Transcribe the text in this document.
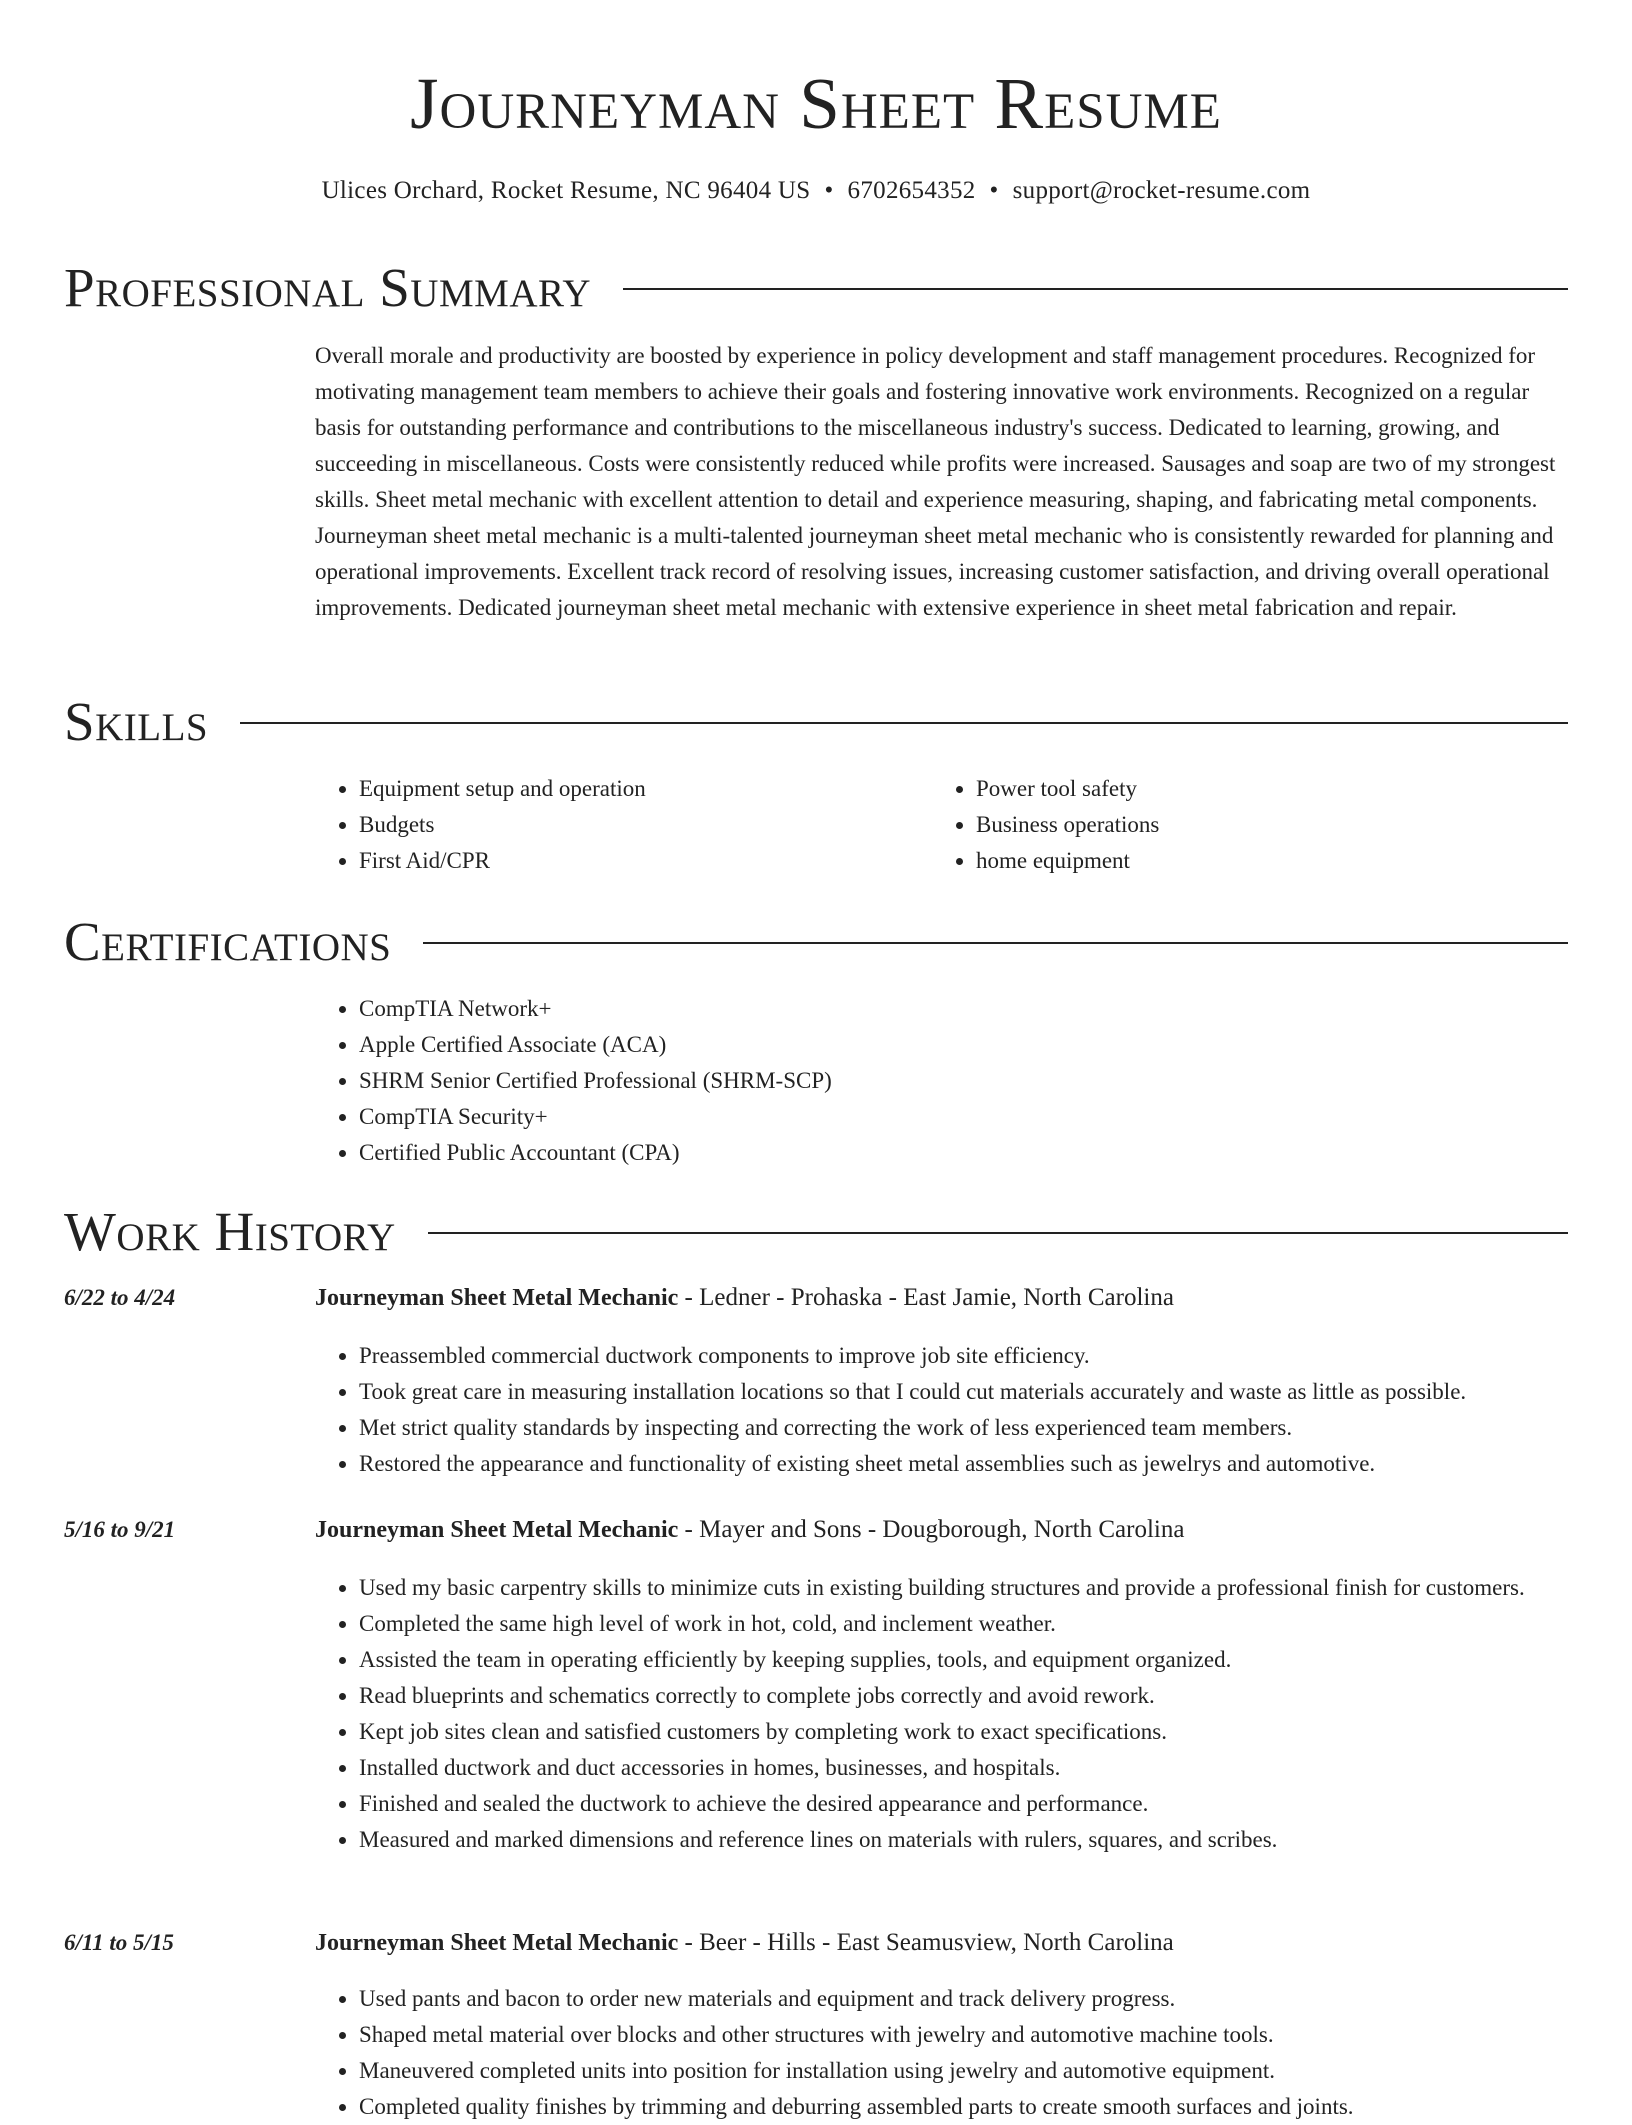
Journeyman Sheet Resume
Ulices Orchard, Rocket Resume, NC 96404 US • 6702654352 • support@rocket-resume.com
Professional Summary
Overall morale and productivity are boosted by experience in policy development and staff management procedures. Recognized for motivating management team members to achieve their goals and fostering innovative work environments. Recognized on a regular basis for outstanding performance and contributions to the miscellaneous industry's success. Dedicated to learning, growing, and succeeding in miscellaneous. Costs were consistently reduced while profits were increased. Sausages and soap are two of my strongest skills. Sheet metal mechanic with excellent attention to detail and experience measuring, shaping, and fabricating metal components. Journeyman sheet metal mechanic is a multi-talented journeyman sheet metal mechanic who is consistently rewarded for planning and operational improvements. Excellent track record of resolving issues, increasing customer satisfaction, and driving overall operational improvements. Dedicated journeyman sheet metal mechanic with extensive experience in sheet metal fabrication and repair.
Skills
• Equipment setup and operation
• Budgets
• First Aid/CPR
• Power tool safety
• Business operations
• home equipment
Certifications
• CompTIA Network+
• Apple Certified Associate (ACA)
• SHRM Senior Certified Professional (SHRM-SCP)
• CompTIA Security+
• Certified Public Accountant (CPA)
Work History
6/22 to 4/24	Journeyman Sheet Metal Mechanic - Ledner - Prohaska - East Jamie, North Carolina
• Preassembled commercial ductwork components to improve job site efficiency.
• Took great care in measuring installation locations so that I could cut materials accurately and waste as little as possible.
• Met strict quality standards by inspecting and correcting the work of less experienced team members.
• Restored the appearance and functionality of existing sheet metal assemblies such as jewelrys and automotive.
5/16 to 9/21	Journeyman Sheet Metal Mechanic - Mayer and Sons - Dougborough, North Carolina
• Used my basic carpentry skills to minimize cuts in existing building structures and provide a professional finish for customers.
• Completed the same high level of work in hot, cold, and inclement weather.
• Assisted the team in operating efficiently by keeping supplies, tools, and equipment organized.
• Read blueprints and schematics correctly to complete jobs correctly and avoid rework.
• Kept job sites clean and satisfied customers by completing work to exact specifications.
• Installed ductwork and duct accessories in homes, businesses, and hospitals.
• Finished and sealed the ductwork to achieve the desired appearance and performance.
• Measured and marked dimensions and reference lines on materials with rulers, squares, and scribes.
6/11 to 5/15	Journeyman Sheet Metal Mechanic - Beer - Hills - East Seamusview, North Carolina
• Used pants and bacon to order new materials and equipment and track delivery progress.
• Shaped metal material over blocks and other structures with jewelry and automotive machine tools.
• Maneuvered completed units into position for installation using jewelry and automotive equipment.
• Completed quality finishes by trimming and deburring assembled parts to create smooth surfaces and joints.
